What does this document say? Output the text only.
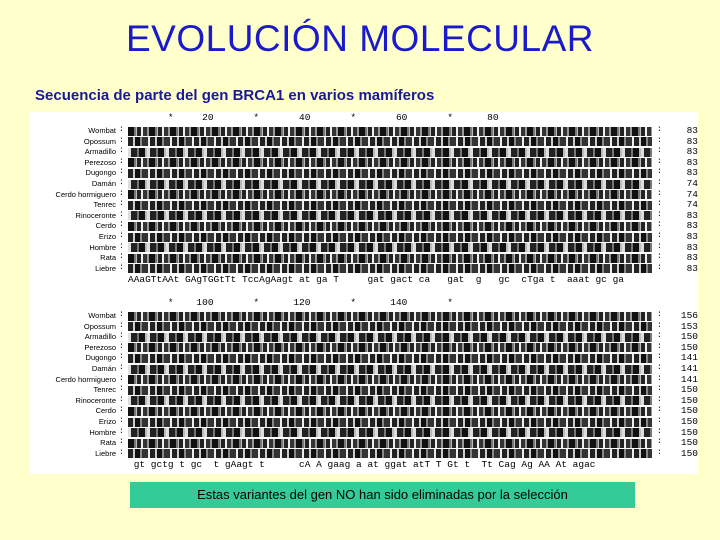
EVOLUCIÓN MOLECULAR
Secuencia de parte del gen BRCA1 en varios mamíferos
*     20       *       40       *       60       *      80
Wombat :	:	83
Opossum :	:	83
Armadillo :	:	83
Perezoso :	:	83
Dugongo :	:	83
Damán :	:	74
Cerdo hormiguero :	:	74
Tenrec :	:	74
Rinoceronte :	:	83
Cerdo :	:	83
Erizo :	:	83
Hombre :	:	83
Rata :	:	83
Liebre :	:	83
AAaGTtAAt GAgTGGtTt TccAgAagt at ga T     gat gact ca   gat  g   gc  cTga t  aaat gc ga
*    100       *      120       *      140       *
Wombat :	:	156
Opossum :	:	153
Armadillo :	:	150
Perezoso :	:	150
Dugongo :	:	141
Damán :	:	141
Cerdo hormiguero :	:	141
Tenrec :	:	150
Rinoceronte :	:	150
Cerdo :	:	150
Erizo :	:	150
Hombre :	:	150
Rata :	:	150
Liebre :	:	150
gt gctg t gc  t gAagt t      cA A gaag a at ggat atT T Gt t  Tt Cag Ag AA At agac
Estas variantes del gen NO han sido eliminadas por la selección
